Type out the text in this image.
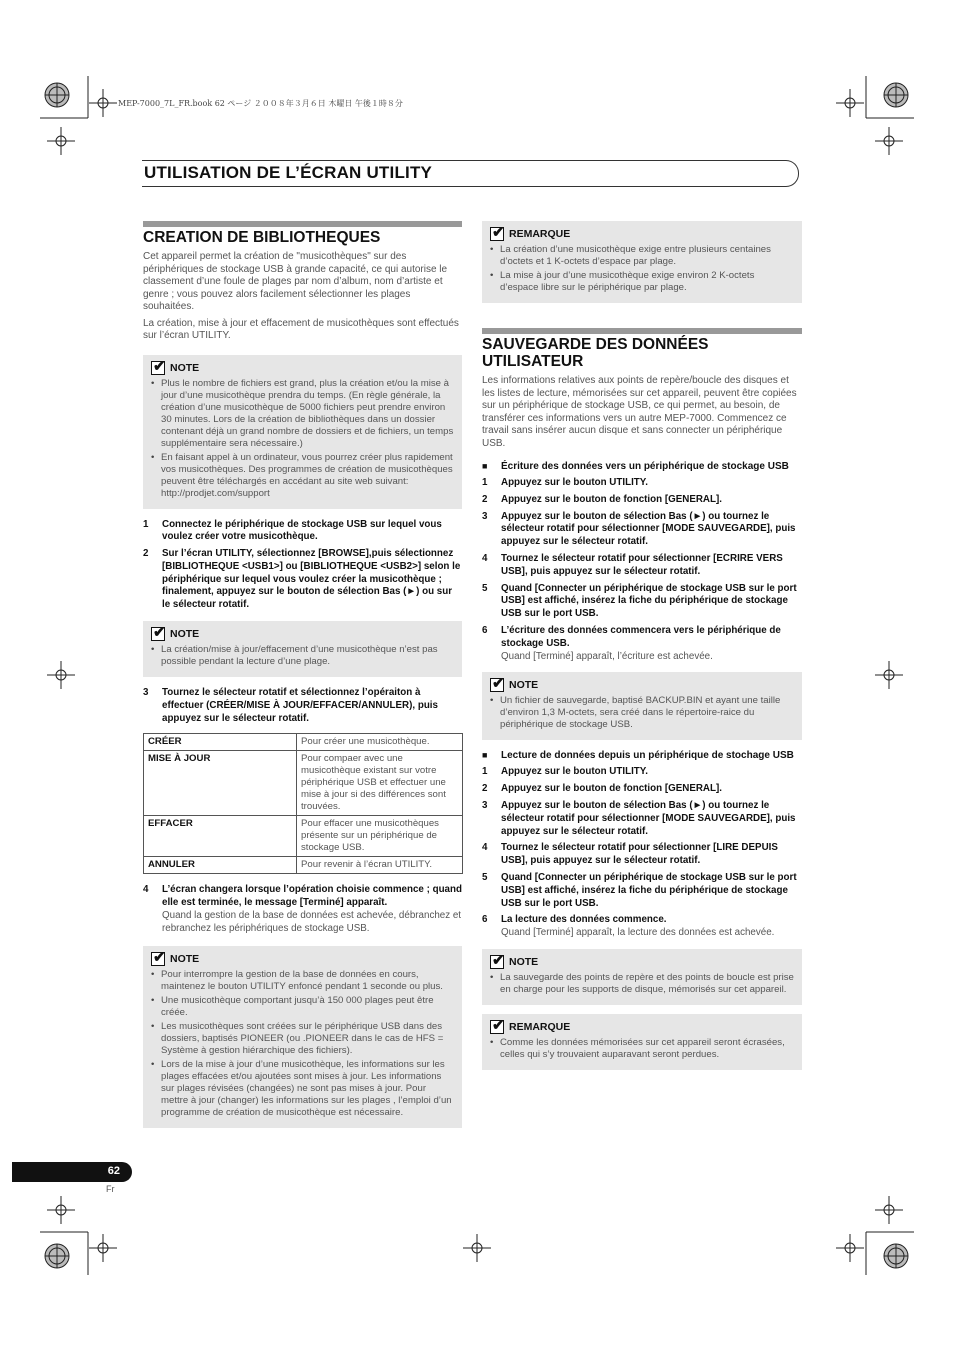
MEP-7000_7L_FR.book 62 ページ ２００８年３月６日 木曜日 午後１時８分
UTILISATION DE L’ÉCRAN UTILITY
CREATION DE BIBLIOTHEQUES

Cet appareil permet la création de "musicothèques" sur des périphériques de stockage USB à grande capacité, ce qui autorise le classement d’une foule de plages par nom d’album, nom d’artiste et genre ; vous pouvez alors facilement sélectionner les plages souhaitées.

La création, mise à jour et effacement de musicothèques sont effectués sur l’écran UTILITY.

✔
NOTE
• Plus le nombre de fichiers est grand, plus la création et/ou la mise à jour d’une musicothèque prendra du temps. (En règle générale, la création d’une musicothèque de 5000 fichiers peut prendre environ 30 minutes. Lors de la création de bibliothèques dans un dossier contenant déjà un grand nombre de dossiers et de fichiers, un temps supplémentaire sera nécessaire.)
• En faisant appel à un ordinateur, vous pourrez créer plus rapidement vos musicothèques. Des programmes de création de musicothèques peuvent être téléchargés en accédant au site web suivant: http://prodjet.com/support
1 Connectez le périphérique de stockage USB sur lequel vous voulez créer votre musicothèque.
2 Sur l’écran UTILITY, sélectionnez [BROWSE],puis sélectionnez [BIBLIOTHEQUE <USB1>] ou [BIBLIOTHEQUE <USB2>] selon le périphérique sur lequel vous voulez créer la musicothèque ; finalement, appuyez sur le bouton de sélection Bas (►) ou sur le sélecteur rotatif.
✔
NOTE
• La création/mise à jour/effacement d’une musicothèque n’est pas possible pendant la lecture d’une plage.
3 Tournez le sélecteur rotatif et sélectionnez l’opéraiton à effectuer (CRÉER/MISE À JOUR/EFFACER/ANNULER), puis appuyez sur le sélecteur rotatif.
CRÉER	Pour créer une musicothèque.
MISE À JOUR	Pour compaer avec une musicothèque existant sur votre périphérique USB et effectuer une mise à jour si des différences sont trouvées.
EFFACER	Pour effacer une musicothèques présente sur un périphérique de stockage USB.
ANNULER	Pour revenir à l’écran UTILITY.
4 L’écran changera lorsque l’opération choisie commence ; quand elle est terminée, le message [Terminé] apparaît.
Quand la gestion de la base de données est achevée, débranchez et rebranchez les périphériques de stockage USB.
✔
NOTE
• Pour interrompre la gestion de la base de données en cours, maintenez le bouton UTILITY enfoncé pendant 1 seconde ou plus.
• Une musicothèque comportant jusqu’à 150 000 plages peut être créée.
• Les musicothèques sont créées sur le périphérique USB dans des dossiers, baptisés PIONEER (ou .PIONEER dans le cas de HFS = Système à gestion hiérarchique des fichiers).
• Lors de la mise à jour d’une musicothèque, les informations sur les plages effacées et/ou ajoutées sont mises à jour. Les informations sur plages révisées (changées) ne sont pas mises à jour. Pour mettre à jour (changer) les informations sur les plages , l’emploi d’un programme de création de musicothèque est nécessaire.
✔
REMARQUE
• La création d’une musicothèque exige entre plusieurs centaines d’octets et 1 K-octets d’espace par plage.
• La mise à jour d’une musicothèque exige environ 2 K-octets d’espace libre sur le périphérique par plage.
SAUVEGARDE DES DONNÉES UTILISATEUR

Les informations relatives aux points de repère/boucle des disques et les listes de lecture, mémorisées sur cet appareil, peuvent être copiées sur un périphérique de stockage USB, ce qui permet, au besoin, de transférer ces informations vers un autre MEP-7000. Commencez ce travail sans insérer aucun disque et sans connecter un périphérique USB.

■ Écriture des données vers un périphérique de stockage USB
1 Appuyez sur le bouton UTILITY.
2 Appuyez sur le bouton de fonction [GENERAL].
3 Appuyez sur le bouton de sélection Bas (►) ou tournez le sélecteur rotatif pour sélectionner [MODE SAUVEGARDE], puis appuyez sur le sélecteur rotatif.
4 Tournez le sélecteur rotatif pour sélectionner [ECRIRE VERS USB], puis appuyez sur le sélecteur rotatif.
5 Quand [Connecter un périphérique de stockage USB sur le port USB] est affiché, insérez la fiche du périphérique de stockage USB sur le port USB.
6 L’écriture des données commencera vers le périphérique de stockage USB.
Quand [Terminé] apparaît, l’écriture est achevée.
✔
NOTE
• Un fichier de sauvegarde, baptisé BACKUP.BIN et ayant une taille d’environ 1,3 M-octets, sera créé dans le répertoire-raice du périphérique de stockage USB.
■ Lecture de données depuis un périphérique de stochage USB
1 Appuyez sur le bouton UTILITY.
2 Appuyez sur le bouton de fonction [GENERAL].
3 Appuyez sur le bouton de sélection Bas (►) ou tournez le sélecteur rotatif pour sélectionner [MODE SAUVEGARDE], puis appuyez sur le sélecteur rotatif.
4 Tournez le sélecteur rotatif pour sélectionner [LIRE DEPUIS USB], puis appuyez sur le sélecteur rotatif.
5 Quand [Connecter un périphérique de stockage USB sur le port USB] est affiché, insérez la fiche du périphérique de stockage USB sur le port USB.
6 La lecture des données commence.
Quand [Terminé] apparaît, la lecture des données est achevée.
✔
NOTE
• La sauvegarde des points de repère et des points de boucle est prise en charge pour les supports de disque, mémorisés sur cet appareil.
✔
REMARQUE
• Comme les données mémorisées sur cet appareil seront écrasées, celles qui s’y trouvaient auparavant seront perdues.
62
Fr
